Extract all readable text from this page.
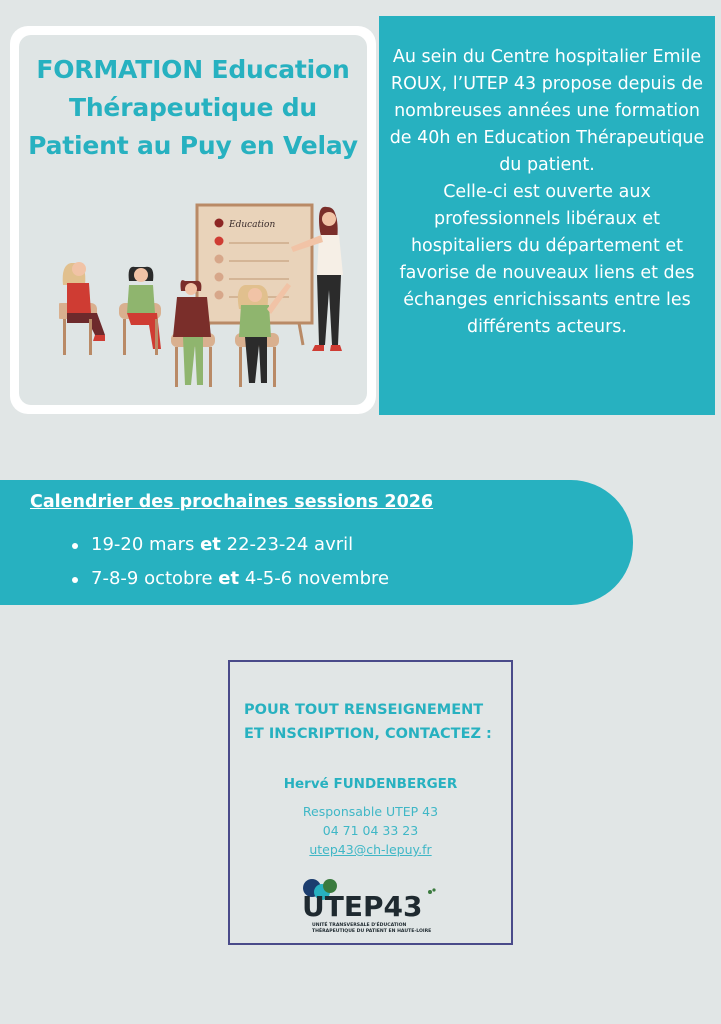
FORMATION Education
Thérapeutique du
Patient au Puy en Velay
Education

Au sein du Centre hospitalier Emile ROUX, l’UTEP 43 propose depuis de nombreuses années une formation de 40h en Education Thérapeutique du patient.

Celle-ci est ouverte aux professionnels libéraux et hospitaliers du département et favorise de nouveaux liens et des échanges enrichissants entre les différents acteurs.

Calendrier des prochaines sessions 2026
19-20 mars et 22-23-24 avril
7-8-9 octobre et 4-5-6 novembre
POUR TOUT RENSEIGNEMENT
ET INSCRIPTION, CONTACTEZ :
Hervé FUNDENBERGER
Responsable UTEP 43
04 71 04 33 23
utep43@ch-lepuy.fr
UTEP43
UNITÉ TRANSVERSALE D'ÉDUCATION
THÉRAPEUTIQUE DU PATIENT EN HAUTE-LOIRE
